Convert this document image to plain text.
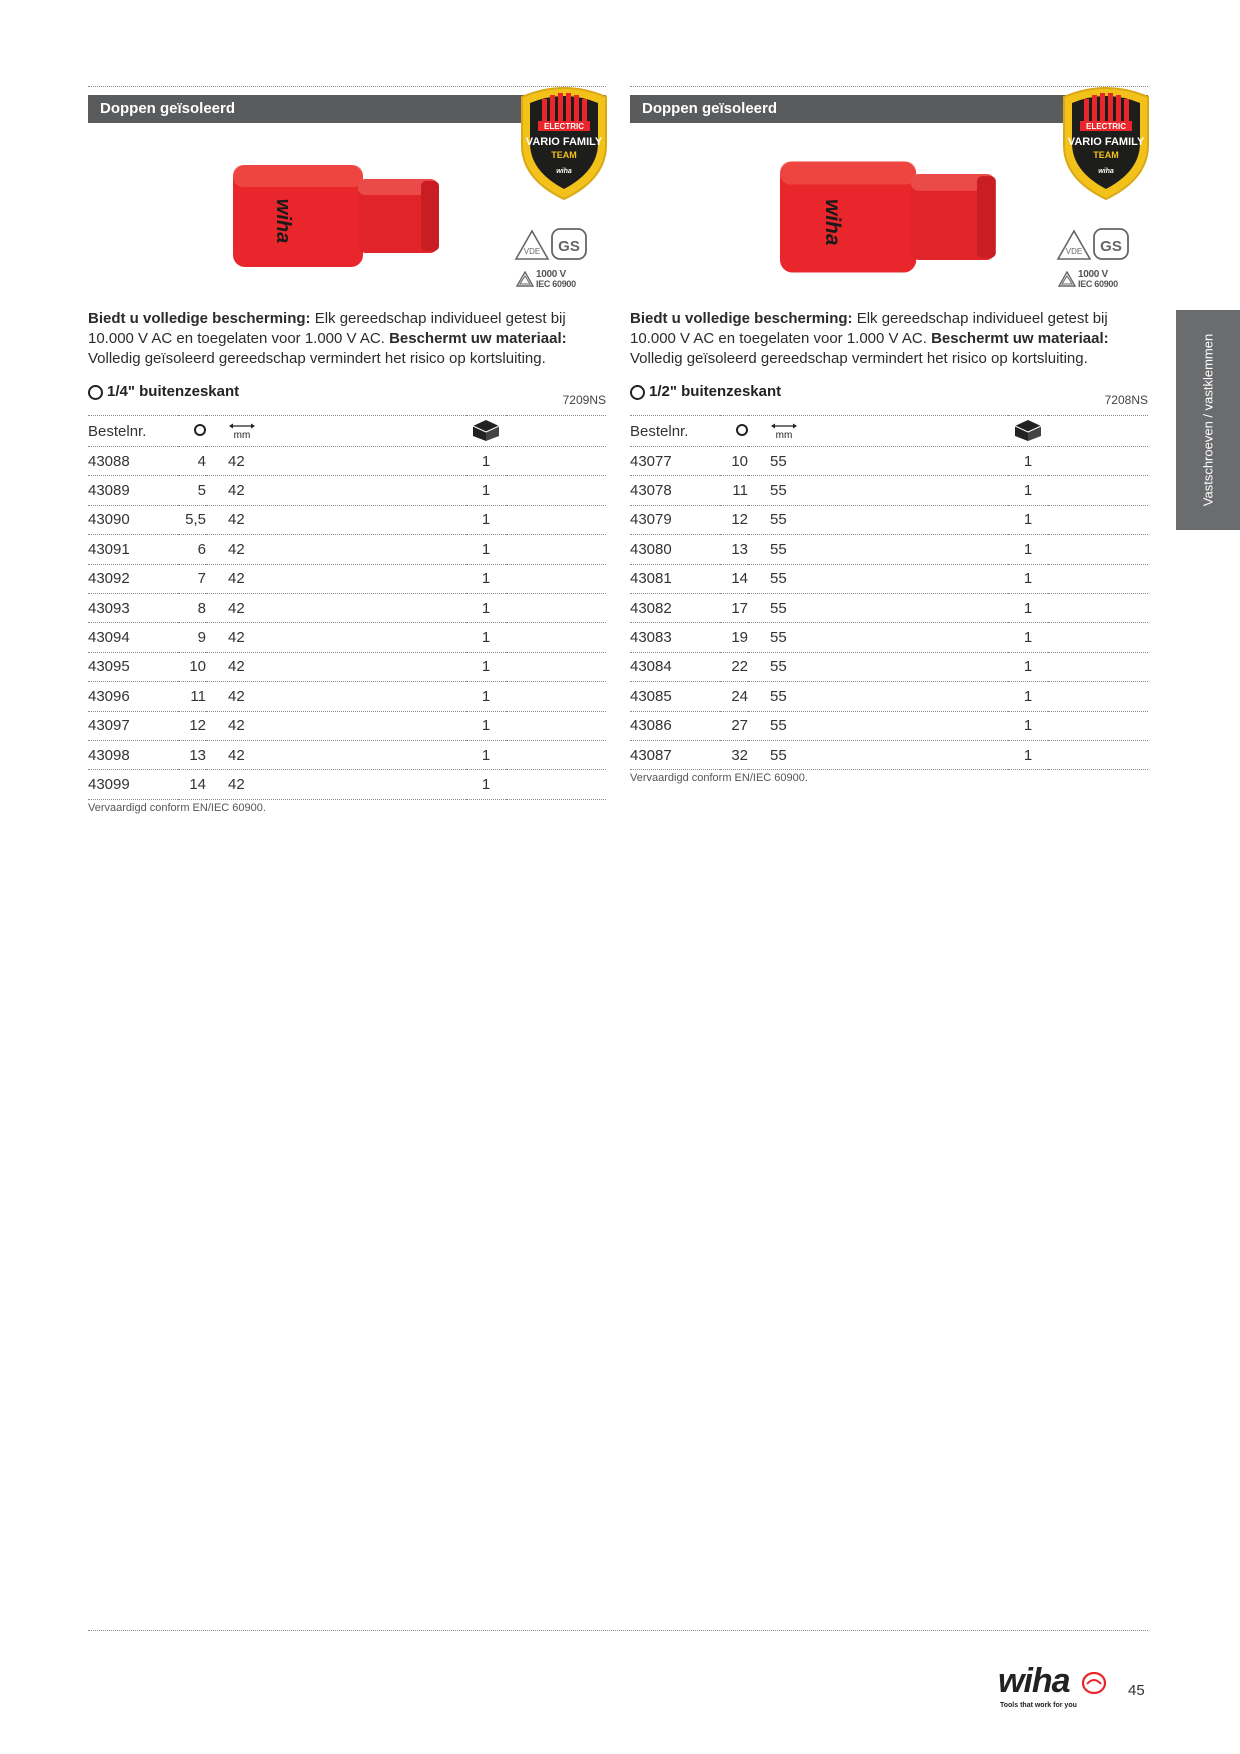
Doppen geïsoleerd
wiha
ELECTRIC
VARIO FAMILY
TEAM
wiha
VDE GS
1000 V
IEC 60900

Biedt u volledige bescherming: Elk gereedschap individueel getest bij 10.000 V AC en toegelaten voor 1.000 V AC. Beschermt uw materiaal: Volledig geïsoleerd gereedschap vermindert het risico op kortsluiting.

1/4" buitenzeskant	7209NS
Bestelnr.		mm

43088	4	42	1	
43089	5	42	1	
43090	5,5	42	1	
43091	6	42	1	
43092	7	42	1	
43093	8	42	1	
43094	9	42	1	
43095	10	42	1	
43096	11	42	1	
43097	12	42	1	
43098	13	42	1	
43099	14	42	1	

Vervaardigd conform EN/IEC 60900.

Doppen geïsoleerd
wiha
ELECTRIC
VARIO FAMILY
TEAM
wiha
VDE GS
1000 V
IEC 60900

Biedt u volledige bescherming: Elk gereedschap individueel getest bij 10.000 V AC en toegelaten voor 1.000 V AC. Beschermt uw materiaal: Volledig geïsoleerd gereedschap vermindert het risico op kortsluiting.

1/2" buitenzeskant	7208NS
Bestelnr.		mm

43077	10	55	1	
43078	11	55	1	
43079	12	55	1	
43080	13	55	1	
43081	14	55	1	
43082	17	55	1	
43083	19	55	1	
43084	22	55	1	
43085	24	55	1	
43086	27	55	1	
43087	32	55	1	

Vervaardigd conform EN/IEC 60900.

Vastschroeven / vastklemmen
wiha
Tools that work for you
45
